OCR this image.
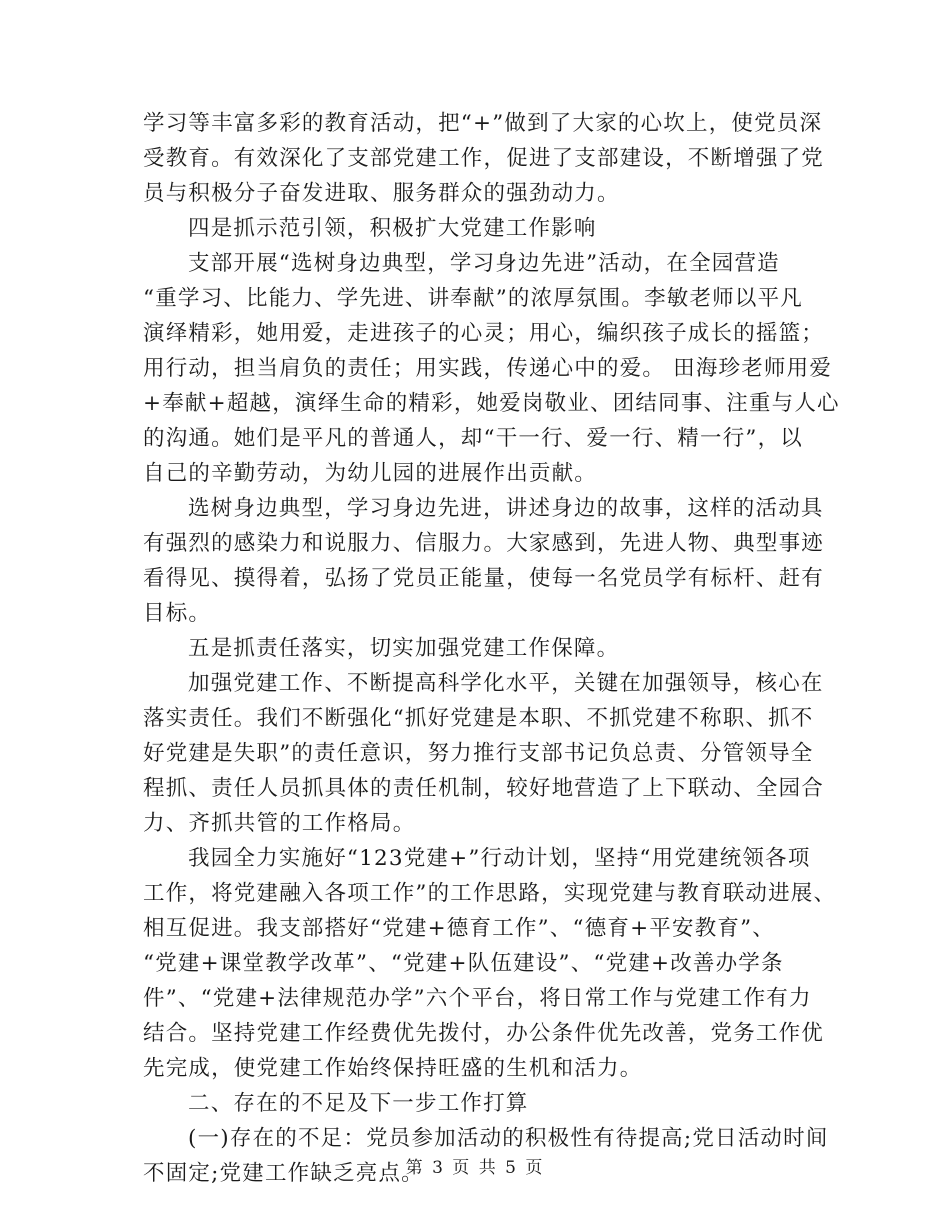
学习等丰富多彩的教育活动，把“+”做到了大家的心坎上，使党员深
受教育。有效深化了支部党建工作，促进了支部建设，不断增强了党
员与积极分子奋发进取、服务群众的强劲动力。
四是抓示范引领，积极扩大党建工作影响
支部开展“选树身边典型，学习身边先进”活动，在全园营造
“重学习、比能力、学先进、讲奉献”的浓厚氛围。李敏老师以平凡
演绎精彩，她用爱，走进孩子的心灵；用心，编织孩子成长的摇篮；
用行动，担当肩负的责任；用实践，传递心中的爱。 田海珍老师用爱
+奉献+超越，演绎生命的精彩，她爱岗敬业、团结同事、注重与人心
的沟通。她们是平凡的普通人，却“干一行、爱一行、精一行”，以
自己的辛勤劳动，为幼儿园的进展作出贡献。
选树身边典型，学习身边先进，讲述身边的故事，这样的活动具
有强烈的感染力和说服力、信服力。大家感到，先进人物、典型事迹
看得见、摸得着，弘扬了党员正能量，使每一名党员学有标杆、赶有
目标。
五是抓责任落实，切实加强党建工作保障。
加强党建工作、不断提高科学化水平，关键在加强领导，核心在
落实责任。我们不断强化“抓好党建是本职、不抓党建不称职、抓不
好党建是失职”的责任意识，努力推行支部书记负总责、分管领导全
程抓、责任人员抓具体的责任机制，较好地营造了上下联动、全园合
力、齐抓共管的工作格局。
我园全力实施好“123党建+”行动计划，坚持“用党建统领各项
工作，将党建融入各项工作”的工作思路，实现党建与教育联动进展、
相互促进。我支部搭好“党建+德育工作”、“德育+平安教育”、
“党建+课堂教学改革”、“党建+队伍建设”、“党建+改善办学条
件”、“党建+法律规范办学”六个平台，将日常工作与党建工作有力
结合。坚持党建工作经费优先拨付，办公条件优先改善，党务工作优
先完成，使党建工作始终保持旺盛的生机和活力。
二、存在的不足及下一步工作打算
(一)存在的不足：党员参加活动的积极性有待提高;党日活动时间
不固定;党建工作缺乏亮点。
第 3 页 共 5 页
